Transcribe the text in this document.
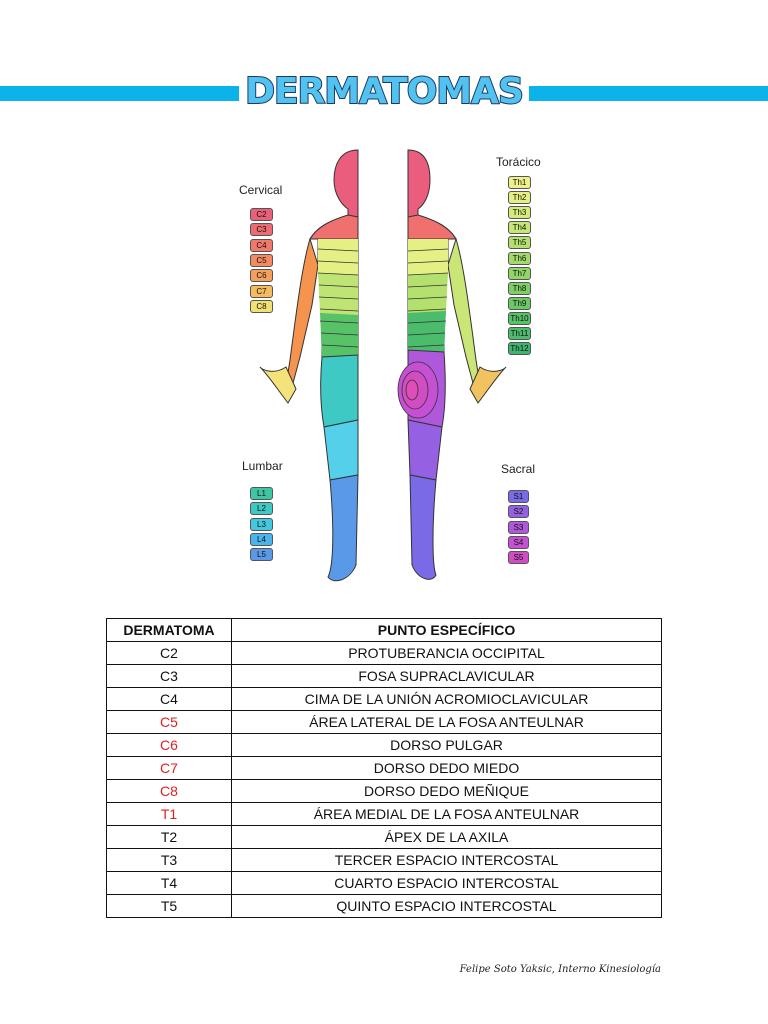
DERMATOMAS
Cervical
C2
C3
C4
C5
C6
C7
C8
Torácico
Th1
Th2
Th3
Th4
Th5
Th6
Th7
Th8
Th9
Th10
Th11
Th12
Lumbar
L1
L2
L3
L4
L5
Sacral
S1
S2
S3
S4
S5
DERMATOMA	PUNTO ESPECÍFICO
C2	PROTUBERANCIA OCCIPITAL
C3	FOSA SUPRACLAVICULAR
C4	CIMA DE LA UNIÓN ACROMIOCLAVICULAR
C5	ÁREA LATERAL DE LA FOSA ANTEULNAR
C6	DORSO PULGAR
C7	DORSO DEDO MIEDO
C8	DORSO DEDO MEÑIQUE
T1	ÁREA MEDIAL DE LA FOSA ANTEULNAR
T2	ÁPEX DE LA AXILA
T3	TERCER ESPACIO INTERCOSTAL
T4	CUARTO ESPACIO INTERCOSTAL
T5	QUINTO ESPACIO INTERCOSTAL
Felipe Soto Yaksic, Interno Kinesiología
